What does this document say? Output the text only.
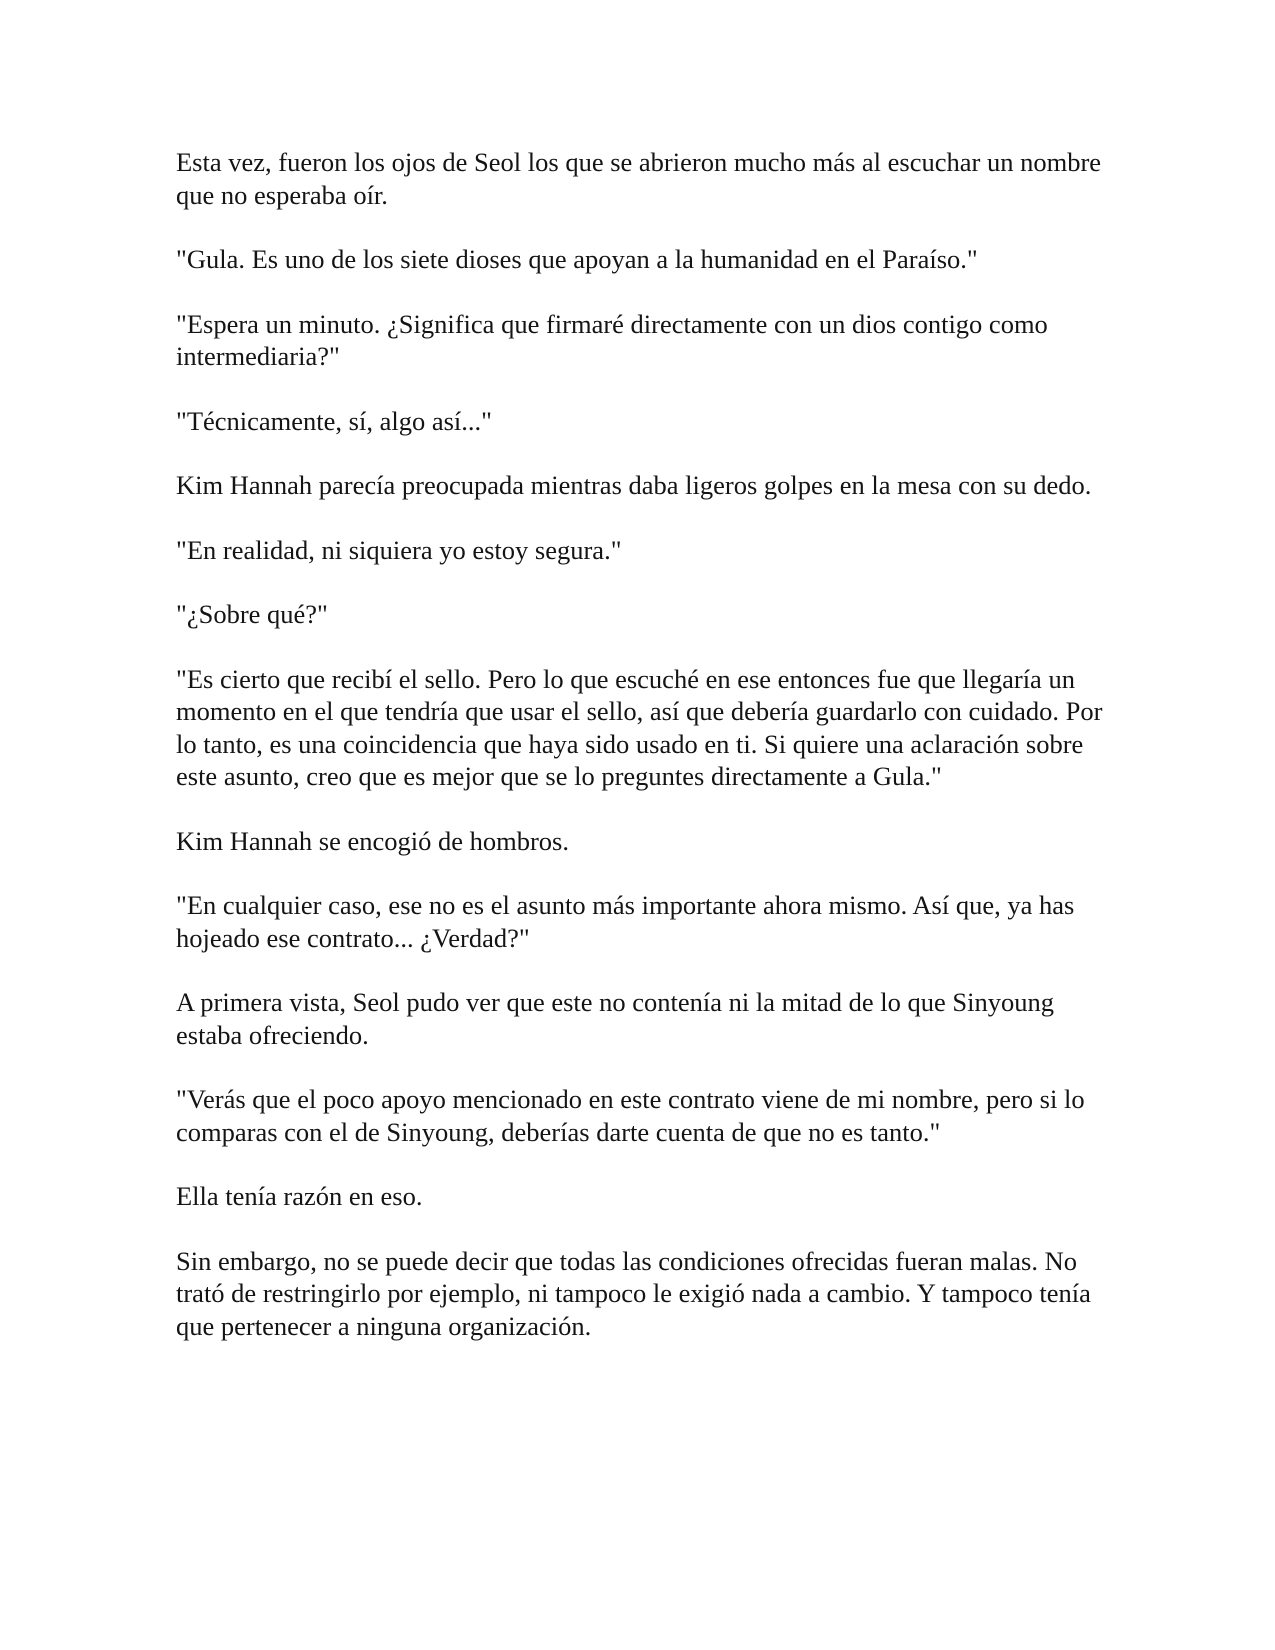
Esta vez, fueron los ojos de Seol los que se abrieron mucho más al escuchar un nombre que no esperaba oír.

"Gula. Es uno de los siete dioses que apoyan a la humanidad en el Paraíso."

"Espera un minuto. ¿Significa que firmaré directamente con un dios contigo como intermediaria?"

"Técnicamente, sí, algo así..."

Kim Hannah parecía preocupada mientras daba ligeros golpes en la mesa con su dedo.

"En realidad, ni siquiera yo estoy segura."

"¿Sobre qué?"

"Es cierto que recibí el sello. Pero lo que escuché en ese entonces fue que llegaría un momento en el que tendría que usar el sello, así que debería guardarlo con cuidado. Por lo tanto, es una coincidencia que haya sido usado en ti. Si quiere una aclaración sobre este asunto, creo que es mejor que se lo preguntes directamente a Gula."

Kim Hannah se encogió de hombros.

"En cualquier caso, ese no es el asunto más importante ahora mismo. Así que, ya has hojeado ese contrato... ¿Verdad?"

A primera vista, Seol pudo ver que este no contenía ni la mitad de lo que Sinyoung estaba ofreciendo.

"Verás que el poco apoyo mencionado en este contrato viene de mi nombre, pero si lo comparas con el de Sinyoung, deberías darte cuenta de que no es tanto."

Ella tenía razón en eso.

Sin embargo, no se puede decir que todas las condiciones ofrecidas fueran malas. No trató de restringirlo por ejemplo, ni tampoco le exigió nada a cambio. Y tampoco tenía que pertenecer a ninguna organización.
